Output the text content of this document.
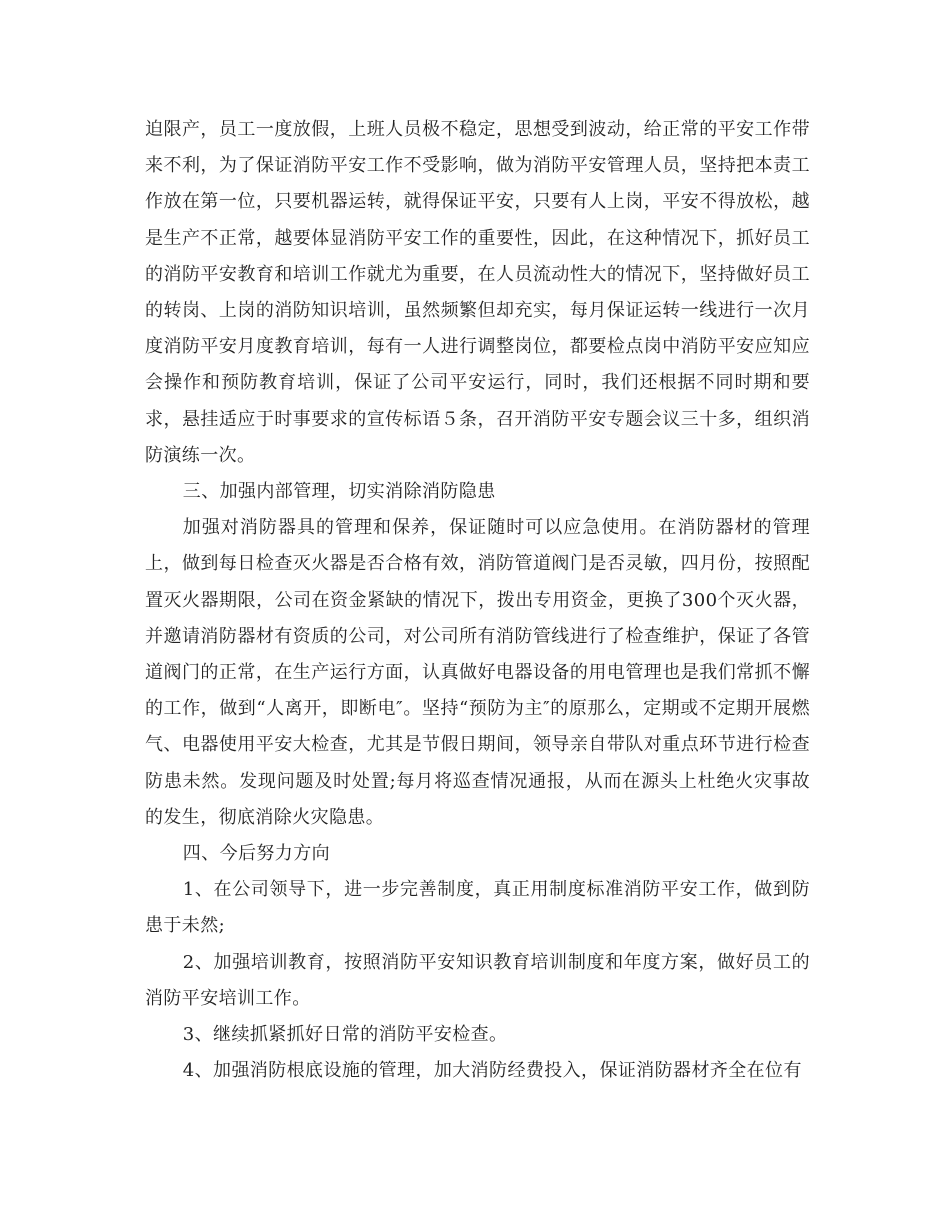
迫限产，员工一度放假，上班人员极不稳定，思想受到波动，给正常的平安工作带来不利，为了保证消防平安工作不受影响，做为消防平安管理人员，坚持把本责工作放在第一位，只要机器运转，就得保证平安，只要有人上岗，平安不得放松，越是生产不正常，越要体显消防平安工作的重要性，因此，在这种情况下，抓好员工的消防平安教育和培训工作就尤为重要，在人员流动性大的情况下，坚持做好员工的转岗、上岗的消防知识培训，虽然频繁但却充实，每月保证运转一线进行一次月度消防平安月度教育培训，每有一人进行调整岗位，都要检点岗中消防平安应知应会操作和预防教育培训，保证了公司平安运行，同时，我们还根据不同时期和要求，悬挂适应于时事要求的宣传标语５条，召开消防平安专题会议三十多，组织消防演练一次。

三、加强内部管理，切实消除消防隐患

加强对消防器具的管理和保养，保证随时可以应急使用。在消防器材的管理上，做到每日检查灭火器是否合格有效，消防管道阀门是否灵敏，四月份，按照配置灭火器期限，公司在资金紧缺的情况下，拨出专用资金，更换了300个灭火器，并邀请消防器材有资质的公司，对公司所有消防管线进行了检查维护，保证了各管道阀门的正常，在生产运行方面，认真做好电器设备的用电管理也是我们常抓不懈的工作，做到“人离开，即断电″。坚持“预防为主″的原那么，定期或不定期开展燃气、电器使用平安大检查，尤其是节假日期间，领导亲自带队对重点环节进行检查防患未然。发现问题及时处置;每月将巡查情况通报，从而在源头上杜绝火灾事故的发生，彻底消除火灾隐患。

四、今后努力方向

1、在公司领导下，进一步完善制度，真正用制度标准消防平安工作，做到防患于未然;

2、加强培训教育，按照消防平安知识教育培训制度和年度方案，做好员工的消防平安培训工作。

3、继续抓紧抓好日常的消防平安检查。

4、加强消防根底设施的管理，加大消防经费投入，保证消防器材齐全在位有
